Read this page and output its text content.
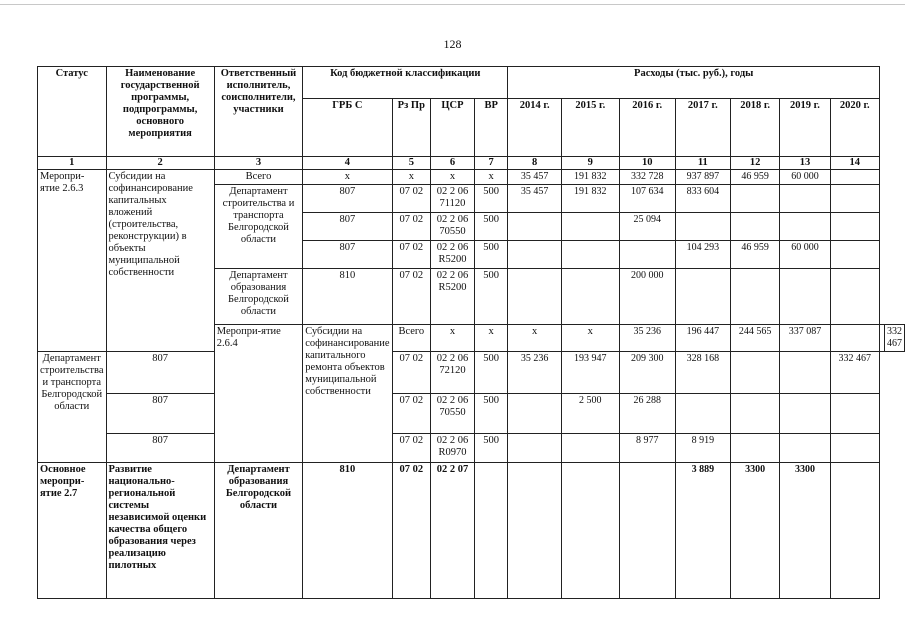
128
Статус	Наименование государственной программы, подпрограммы, основного мероприятия	Ответственный исполнитель, соисполнители, участники	Код бюджетной классификации				Расходы (тыс. руб.), годы								
			ГРБ С	Рз Пр	ЦСР	ВР	2014 г.	2015 г.	2016 г.	2017 г.	2018 г.	2019 г.	2020 г.		
1	2	3	4	5	6	7	8	9	10	11	12	13	14		
Меропри-ятие 2.6.3	Субсидии на софинансирование капитальных вложений (строительства, реконструкции) в объекты муниципальной собственности	Всего	х	х	х	х	35 457	191 832	332 728	937 897	46 959	60 000			
		Департамент строительства и транспорта Белгородской области	807	07 02	02 2 06 71120	500	35 457	191 832	107 634	833 604					
			807	07 02	02 2 06 70550	500			25 094						
			807	07 02	02 2 06 R5200	500				104 293	46 959	60 000			
		Департамент образования Белгородской области	810	07 02	02 2 06 R5200	500			200 000						
		Меропри-ятие 2.6.4	Субсидии на софинансирование капитального ремонта объектов муниципальной собственности	Всего	х	х	х	х	35 236	196 447	244 565	337 087			332 467
Департамент строительства и транспорта Белгородской области	807			07 02	02 2 06 72120	500	35 236	193 947	209 300	328 168			332 467		
	807			07 02	02 2 06 70550	500		2 500	26 288						
	807			07 02	02 2 06 R0970	500			8 977	8 919					
Основное меропри-ятие 2.7	Развитие национально-региональной системы независимой оценки качества общего образования через реализацию пилотных	Департамент образования Белгородской области	810	07 02	02 2 07					3 889	3300	3300			
